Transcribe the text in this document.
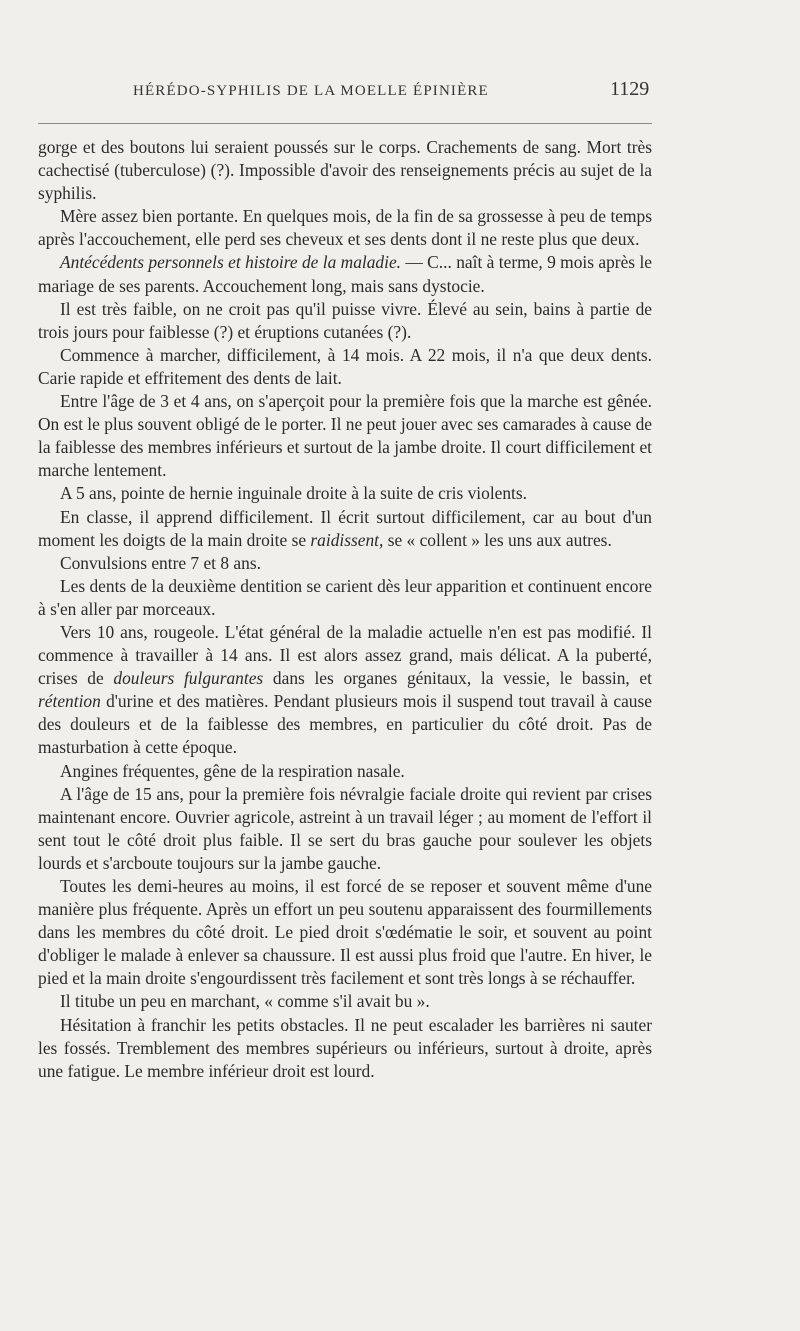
HÉRÉDO-SYPHILIS DE LA MOELLE ÉPINIÈRE	1129

gorge et des boutons lui seraient poussés sur le corps. Crachements de sang. Mort très cachectisé (tuberculose) (?). Impossible d'avoir des renseignements précis au sujet de la syphilis.

Mère assez bien portante. En quelques mois, de la fin de sa grossesse à peu de temps après l'accouchement, elle perd ses cheveux et ses dents dont il ne reste plus que deux.

Antécédents personnels et histoire de la maladie. — C... naît à terme, 9 mois après le mariage de ses parents. Accouchement long, mais sans dystocie.

Il est très faible, on ne croit pas qu'il puisse vivre. Élevé au sein, bains à partie de trois jours pour faiblesse (?) et éruptions cutanées (?).

Commence à marcher, difficilement, à 14 mois. A 22 mois, il n'a que deux dents. Carie rapide et effritement des dents de lait.

Entre l'âge de 3 et 4 ans, on s'aperçoit pour la première fois que la marche est gênée. On est le plus souvent obligé de le porter. Il ne peut jouer avec ses camarades à cause de la faiblesse des membres inférieurs et surtout de la jambe droite. Il court difficilement et marche lentement.

A 5 ans, pointe de hernie inguinale droite à la suite de cris violents.

En classe, il apprend difficilement. Il écrit surtout difficilement, car au bout d'un moment les doigts de la main droite se raidissent, se « collent » les uns aux autres.

Convulsions entre 7 et 8 ans.

Les dents de la deuxième dentition se carient dès leur apparition et continuent encore à s'en aller par morceaux.

Vers 10 ans, rougeole. L'état général de la maladie actuelle n'en est pas modifié. Il commence à travailler à 14 ans. Il est alors assez grand, mais délicat. A la puberté, crises de douleurs fulgurantes dans les organes génitaux, la vessie, le bassin, et rétention d'urine et des matières. Pendant plusieurs mois il suspend tout travail à cause des douleurs et de la faiblesse des membres, en particulier du côté droit. Pas de masturbation à cette époque.

Angines fréquentes, gêne de la respiration nasale.

A l'âge de 15 ans, pour la première fois névralgie faciale droite qui revient par crises maintenant encore. Ouvrier agricole, astreint à un travail léger ; au moment de l'effort il sent tout le côté droit plus faible. Il se sert du bras gauche pour soulever les objets lourds et s'arcboute toujours sur la jambe gauche.

Toutes les demi-heures au moins, il est forcé de se reposer et souvent même d'une manière plus fréquente. Après un effort un peu soutenu apparaissent des fourmillements dans les membres du côté droit. Le pied droit s'œdématie le soir, et souvent au point d'obliger le malade à enlever sa chaussure. Il est aussi plus froid que l'autre. En hiver, le pied et la main droite s'engourdissent très facilement et sont très longs à se réchauffer.

Il titube un peu en marchant, « comme s'il avait bu ».

Hésitation à franchir les petits obstacles. Il ne peut escalader les barrières ni sauter les fossés. Tremblement des membres supérieurs ou inférieurs, surtout à droite, après une fatigue. Le membre inférieur droit est lourd.
